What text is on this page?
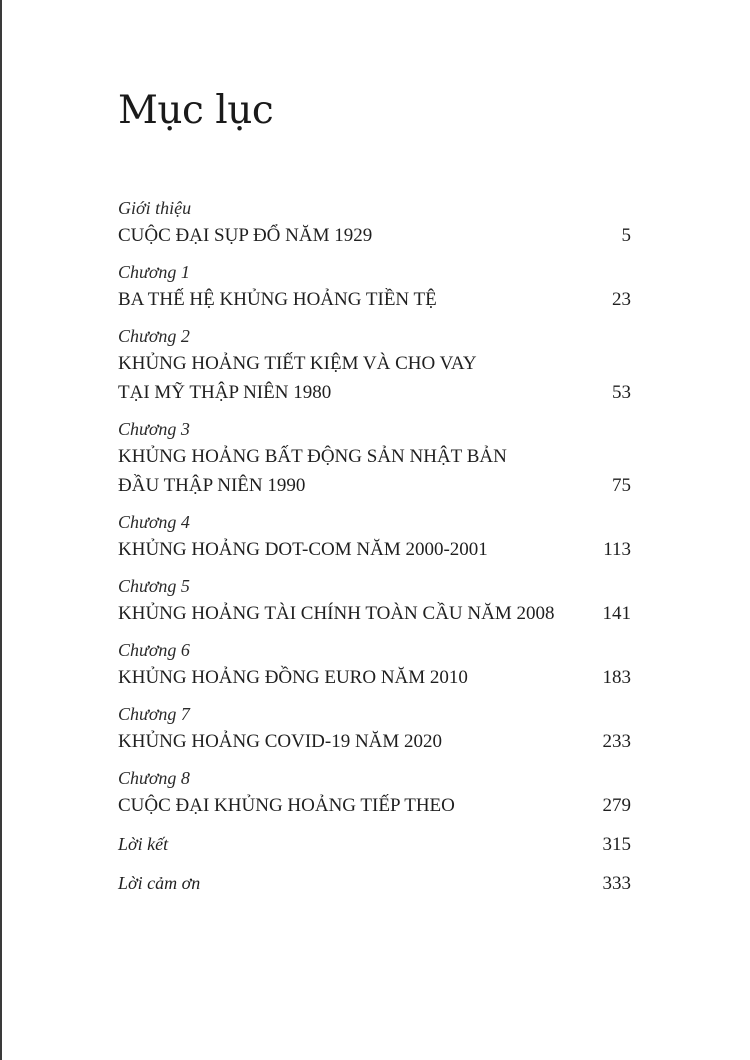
Mục lục
Giới thiệu
CUỘC ĐẠI SỤP ĐỔ NĂM 1929	5
Chương 1
BA THẾ HỆ KHỦNG HOẢNG TIỀN TỆ	23
Chương 2
KHỦNG HOẢNG TIẾT KIỆM VÀ CHO VAY
TẠI MỸ THẬP NIÊN 1980	53
Chương 3
KHỦNG HOẢNG BẤT ĐỘNG SẢN NHẬT BẢN
ĐẦU THẬP NIÊN 1990	75
Chương 4
KHỦNG HOẢNG DOT-COM NĂM 2000-2001	113
Chương 5
KHỦNG HOẢNG TÀI CHÍNH TOÀN CẦU NĂM 2008	141
Chương 6
KHỦNG HOẢNG ĐỒNG EURO NĂM 2010	183
Chương 7
KHỦNG HOẢNG COVID-19 NĂM 2020	233
Chương 8
CUỘC ĐẠI KHỦNG HOẢNG TIẾP THEO	279
Lời kết	315
Lời cảm ơn	333
